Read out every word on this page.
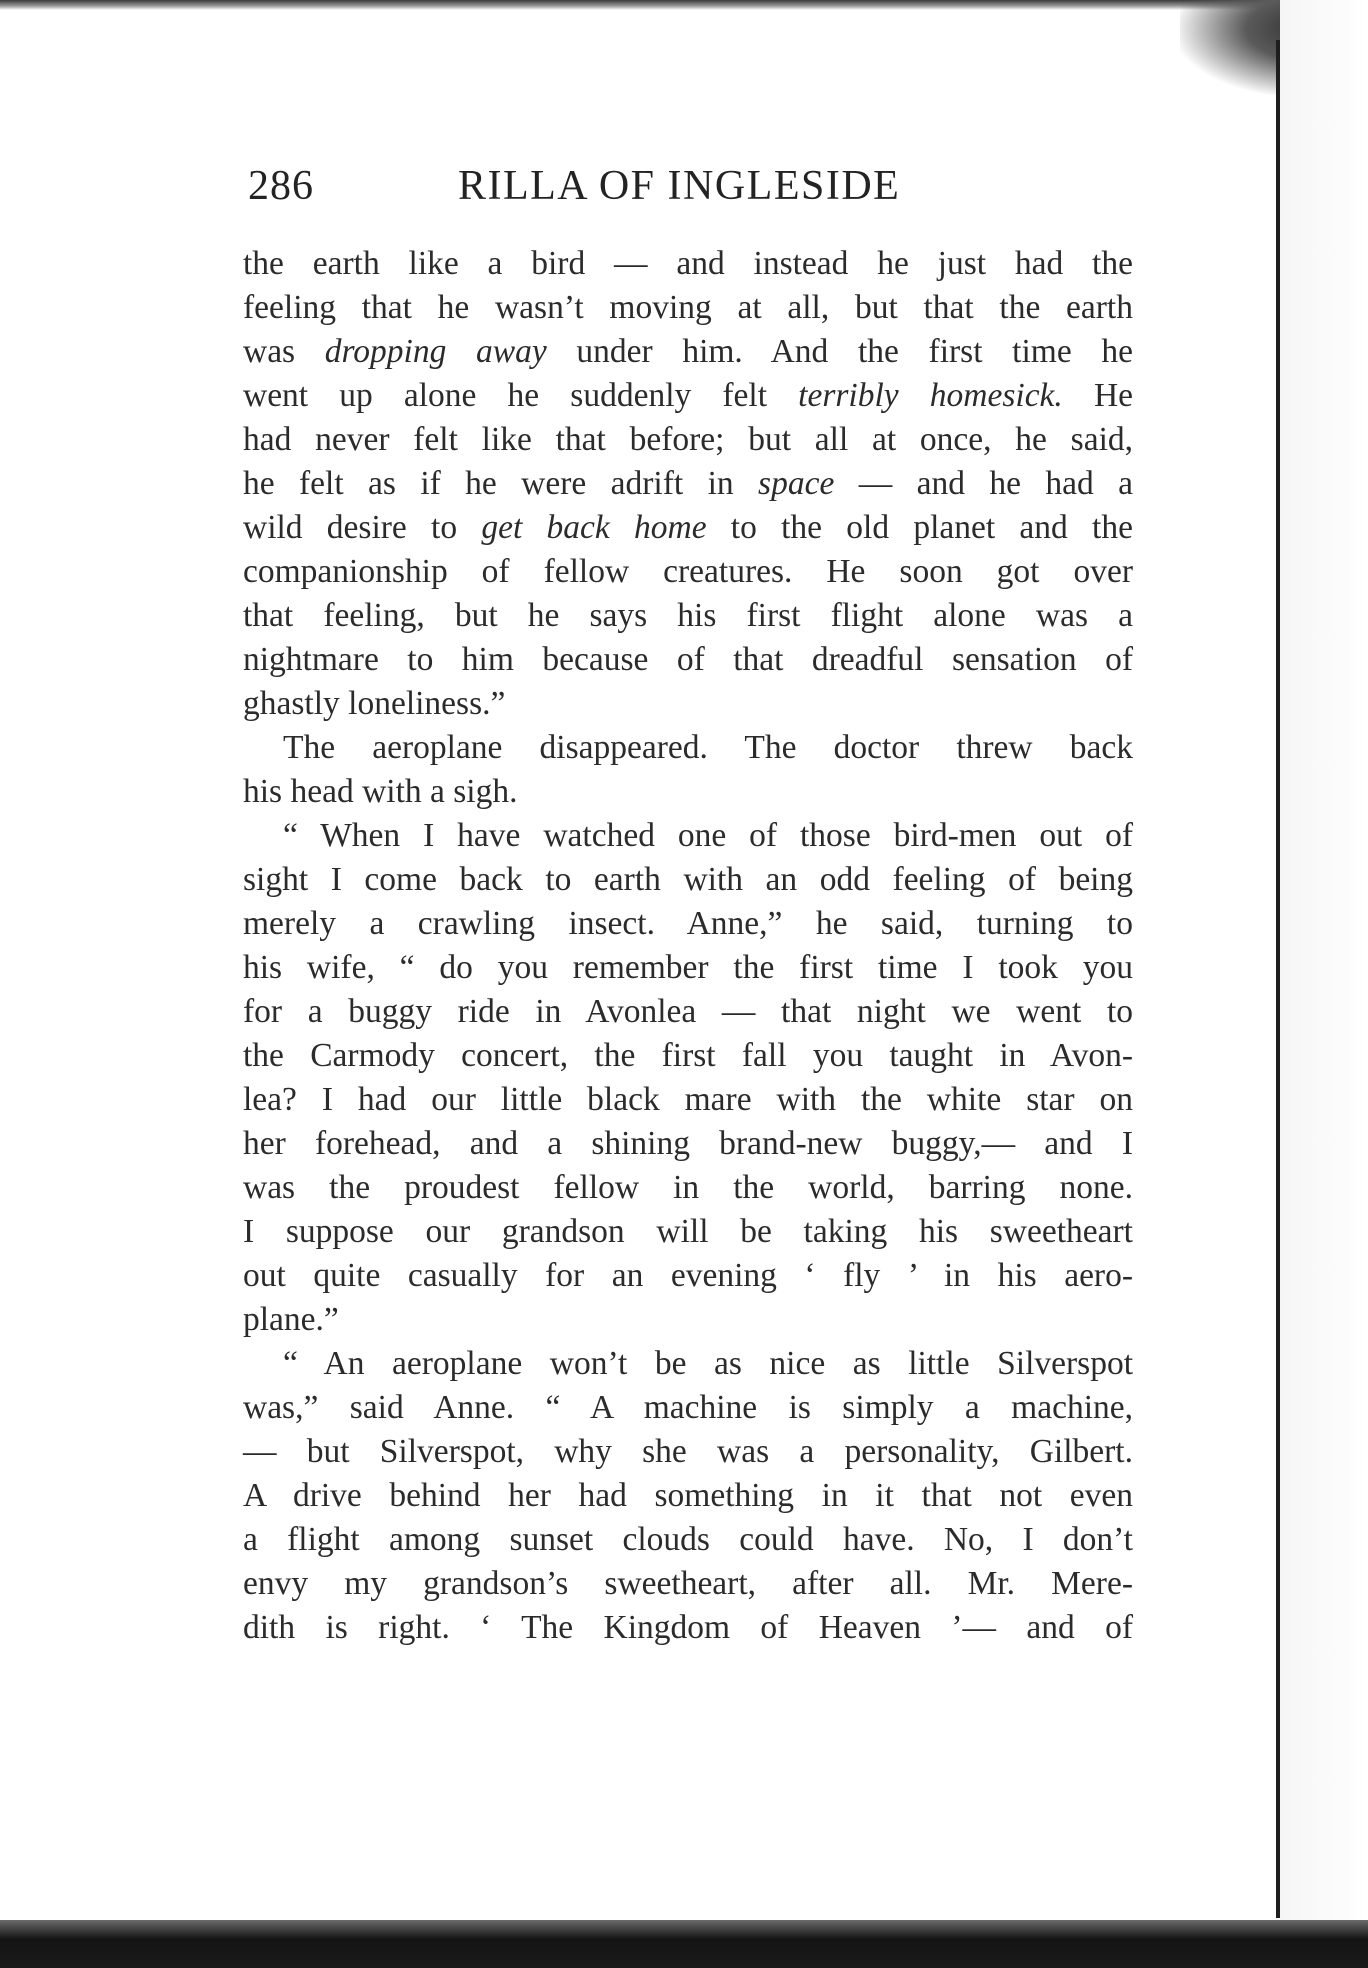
286	RILLA OF INGLESIDE
the earth like a bird — and instead he just had the
feeling that he wasn’t moving at all, but that the earth
was dropping away under him. And the first time he
went up alone he suddenly felt terribly homesick. He
had never felt like that before; but all at once, he said,
he felt as if he were adrift in space — and he had a
wild desire to get back home to the old planet and the
companionship of fellow creatures. He soon got over
that feeling, but he says his first flight alone was a
nightmare to him because of that dreadful sensation of
ghastly loneliness.”
The aeroplane disappeared. The doctor threw back
his head with a sigh.
“ When I have watched one of those bird-men out of
sight I come back to earth with an odd feeling of being
merely a crawling insect. Anne,” he said, turning to
his wife, “ do you remember the first time I took you
for a buggy ride in Avonlea — that night we went to
the Carmody concert, the first fall you taught in Avon-
lea? I had our little black mare with the white star on
her forehead, and a shining brand-new buggy,— and I
was the proudest fellow in the world, barring none.
I suppose our grandson will be taking his sweetheart
out quite casually for an evening ‘ fly ’ in his aero-
plane.”
“ An aeroplane won’t be as nice as little Silverspot
was,” said Anne. “ A machine is simply a machine,
— but Silverspot, why she was a personality, Gilbert.
A drive behind her had something in it that not even
a flight among sunset clouds could have. No, I don’t
envy my grandson’s sweetheart, after all. Mr. Mere-
dith is right. ‘ The Kingdom of Heaven ’— and of
